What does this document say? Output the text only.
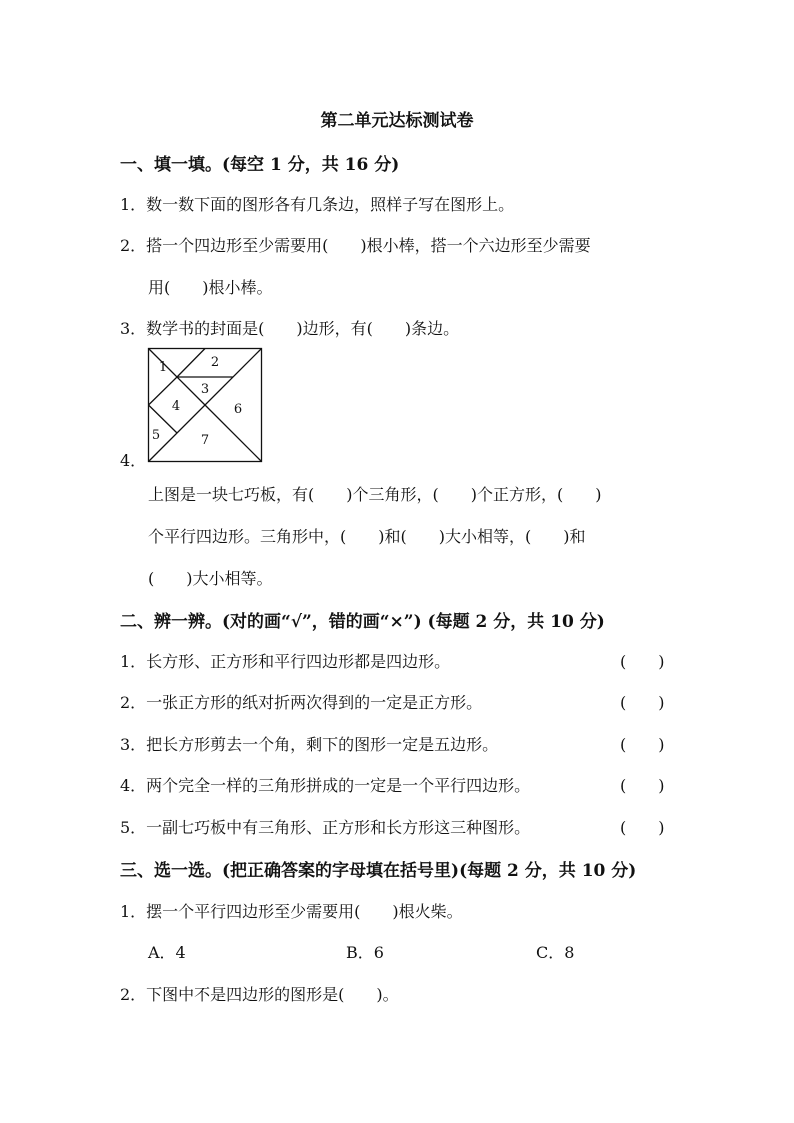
第二单元达标测试卷
一、填一填。(每空 1 分，共 16 分)
1．数一数下面的图形各有几条边，照样子写在图形上。
2．搭一个四边形至少需要用(　　)根小棒，搭一个六边形至少需要
用(　　)根小棒。
3．数学书的封面是(　　)边形，有(　　)条边。
4．
1	2
3
4
5
6
7
上图是一块七巧板，有(　　)个三角形，(　　)个正方形，(　　)
个平行四边形。三角形中，(　　)和(　　)大小相等，(　　)和
(　　)大小相等。
二、辨一辨。(对的画“√”，错的画“×”) (每题 2 分，共 10 分)
1．长方形、正方形和平行四边形都是四边形。	(　　)
2．一张正方形的纸对折两次得到的一定是正方形。	(　　)
3．把长方形剪去一个角，剩下的图形一定是五边形。	(　　)
4．两个完全一样的三角形拼成的一定是一个平行四边形。	(　　)
5．一副七巧板中有三角形、正方形和长方形这三种图形。	(　　)
三、选一选。(把正确答案的字母填在括号里)(每题 2 分，共 10 分)
1．摆一个平行四边形至少需要用(　　)根火柴。
A．4	B．6	C．8
2．下图中不是四边形的图形是(　　)。
